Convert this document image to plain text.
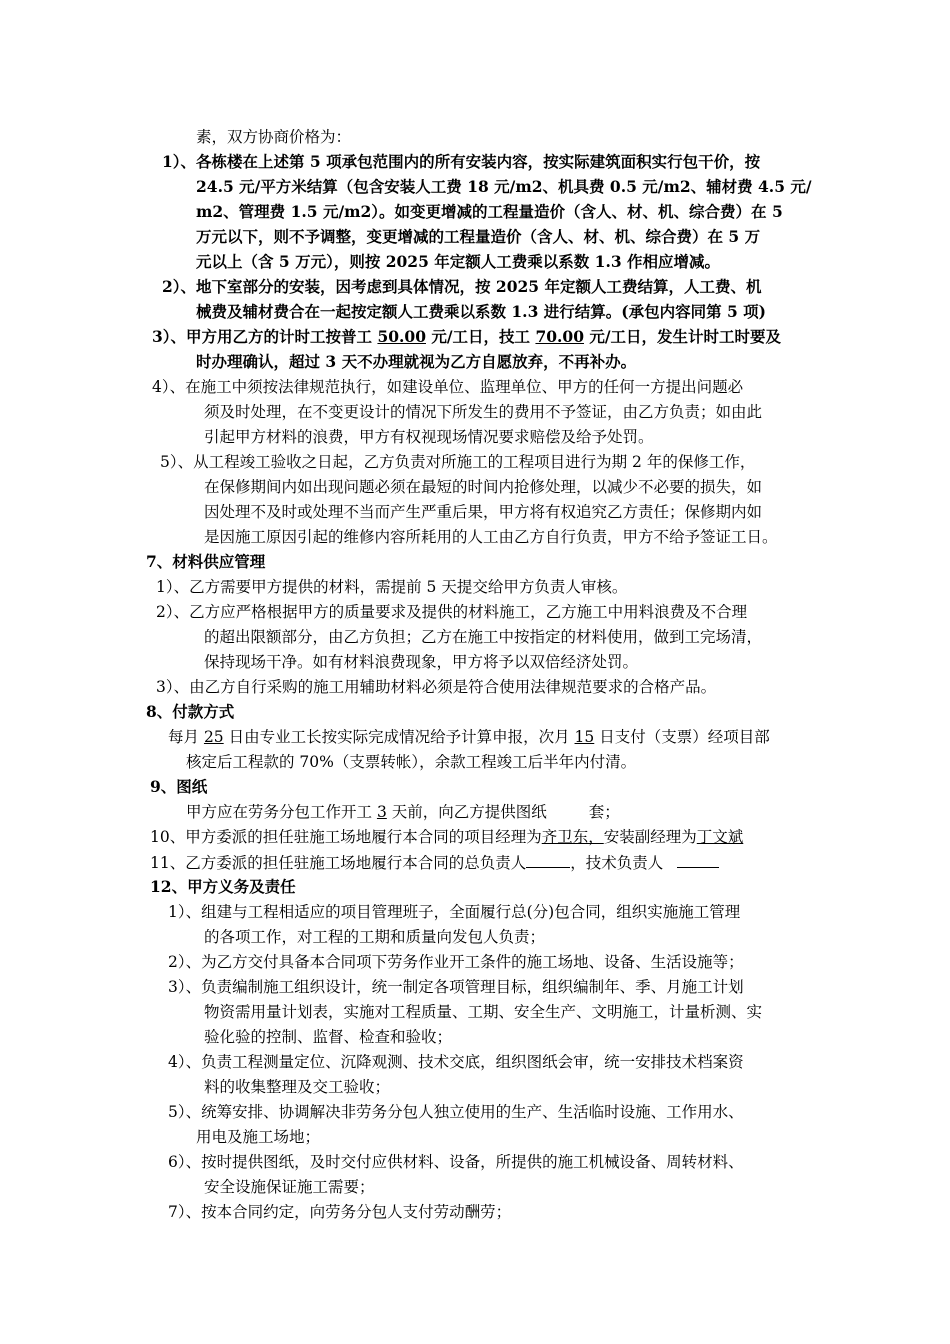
素，双方协商价格为：
1）、各栋楼在上述第 5 项承包范围内的所有安装内容，按实际建筑面积实行包干价，按
24.5 元/平方米结算（包含安装人工费 18 元/m2、机具费 0.5 元/m2、辅材费 4.5 元/
m2、管理费 1.5 元/m2）。如变更增减的工程量造价（含人、材、机、综合费）在 5
万元以下，则不予调整，变更增减的工程量造价（含人、材、机、综合费）在 5 万
元以上（含 5 万元），则按 2025 年定额人工费乘以系数 1.3 作相应增减。
2）、地下室部分的安装，因考虑到具体情况，按 2025 年定额人工费结算，人工费、机
械费及辅材费合在一起按定额人工费乘以系数 1.3 进行结算。(承包内容同第 5 项)
3）、甲方用乙方的计时工按普工 50.00 元/工日，技工 70.00 元/工日，发生计时工时要及
时办理确认，超过 3 天不办理就视为乙方自愿放弃，不再补办。
4）、在施工中须按法律规范执行，如建设单位、监理单位、甲方的任何一方提出问题必
须及时处理，在不变更设计的情况下所发生的费用不予签证，由乙方负责；如由此
引起甲方材料的浪费，甲方有权视现场情况要求赔偿及给予处罚。
5）、从工程竣工验收之日起，乙方负责对所施工的工程项目进行为期 2 年的保修工作，
在保修期间内如出现问题必须在最短的时间内抢修处理，以减少不必要的损失，如
因处理不及时或处理不当而产生严重后果，甲方将有权追究乙方责任；保修期内如
是因施工原因引起的维修内容所耗用的人工由乙方自行负责，甲方不给予签证工日。
7、材料供应管理
1）、乙方需要甲方提供的材料，需提前 5 天提交给甲方负责人审核。
2）、乙方应严格根据甲方的质量要求及提供的材料施工，乙方施工中用料浪费及不合理
的超出限额部分，由乙方负担；乙方在施工中按指定的材料使用，做到工完场清，
保持现场干净。如有材料浪费现象，甲方将予以双倍经济处罚。
3）、由乙方自行采购的施工用辅助材料必须是符合使用法律规范要求的合格产品。
8、付款方式
每月 25 日由专业工长按实际完成情况给予计算申报，次月 15 日支付（支票）经项目部
核定后工程款的 70%（支票转帐），余款工程竣工后半年内付清。
9、图纸
甲方应在劳务分包工作开工 3 天前，向乙方提供图纸	套；
10、甲方委派的担任驻施工场地履行本合同的项目经理为齐卫东，安装副经理为丁文斌
11、乙方委派的担任驻施工场地履行本合同的总负责人	，技术负责人
12、甲方义务及责任
1）、组建与工程相适应的项目管理班子，全面履行总(分)包合同，组织实施施工管理
的各项工作，对工程的工期和质量向发包人负责；
2）、为乙方交付具备本合同项下劳务作业开工条件的施工场地、设备、生活设施等；
3）、负责编制施工组织设计，统一制定各项管理目标，组织编制年、季、月施工计划
物资需用量计划表，实施对工程质量、工期、安全生产、文明施工，计量析测、实
验化验的控制、监督、检查和验收；
4）、负责工程测量定位、沉降观测、技术交底，组织图纸会审，统一安排技术档案资
料的收集整理及交工验收；
5）、统筹安排、协调解决非劳务分包人独立使用的生产、生活临时设施、工作用水、
用电及施工场地；
6）、按时提供图纸，及时交付应供材料、设备，所提供的施工机械设备、周转材料、
安全设施保证施工需要；
7）、按本合同约定，向劳务分包人支付劳动酬劳；
